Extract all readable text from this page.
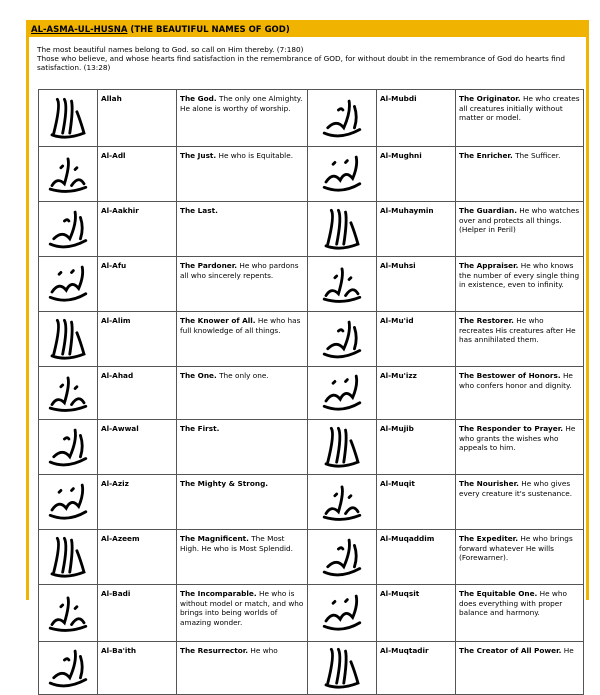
AL-ASMA-UL-HUSNA (THE BEAUTIFUL NAMES OF GOD)

The most beautiful names belong to God. so call on Him thereby. (7:180)

Those who believe, and whose hearts find satisfaction in the remembrance of GOD, for without doubt in the remembrance of God do hearts find satisfaction. (13:28)

	Allah	The God. The only one Almighty. He alone is worthy of worship.		Al-Mubdi	The Originator. He who creates all creatures initially without matter or model.

	Al-Adl	The Just. He who is Equitable.		Al-Mughni	The Enricher. The Sufficer.

	Al-Aakhir	The Last.		Al-Muhaymin	The Guardian. He who watches over and protects all things. (Helper in Peril)

	Al-Afu	The Pardoner. He who pardons all who sincerely repents.		Al-Muhsi	The Appraiser. He who knows the number of every single thing in existence, even to infinity.

	Al-Alim	The Knower of All. He who has full knowledge of all things.		Al-Mu'id	The Restorer. He who recreates His creatures after He has annihilated them.

	Al-Ahad	The One. The only one.		Al-Mu'izz	The Bestower of Honors. He who confers honor and dignity.

	Al-Awwal	The First.		Al-Mujib	The Responder to Prayer. He who grants the wishes who appeals to him.

	Al-Aziz	The Mighty & Strong.		Al-Muqit	The Nourisher. He who gives every creature it's sustenance.

	Al-Azeem	The Magnificent. The Most High. He who is Most Splendid.		Al-Muqaddim	The Expediter. He who brings forward whatever He wills (Forewarner).

	Al-Badi	The Incomparable. He who is without model or match, and who brings into being worlds of amazing wonder.		Al-Muqsit	The Equitable One. He who does everything with proper balance and harmony.

	Al-Ba'ith	The Resurrector. He who		Al-Muqtadir	The Creator of All Power. He
